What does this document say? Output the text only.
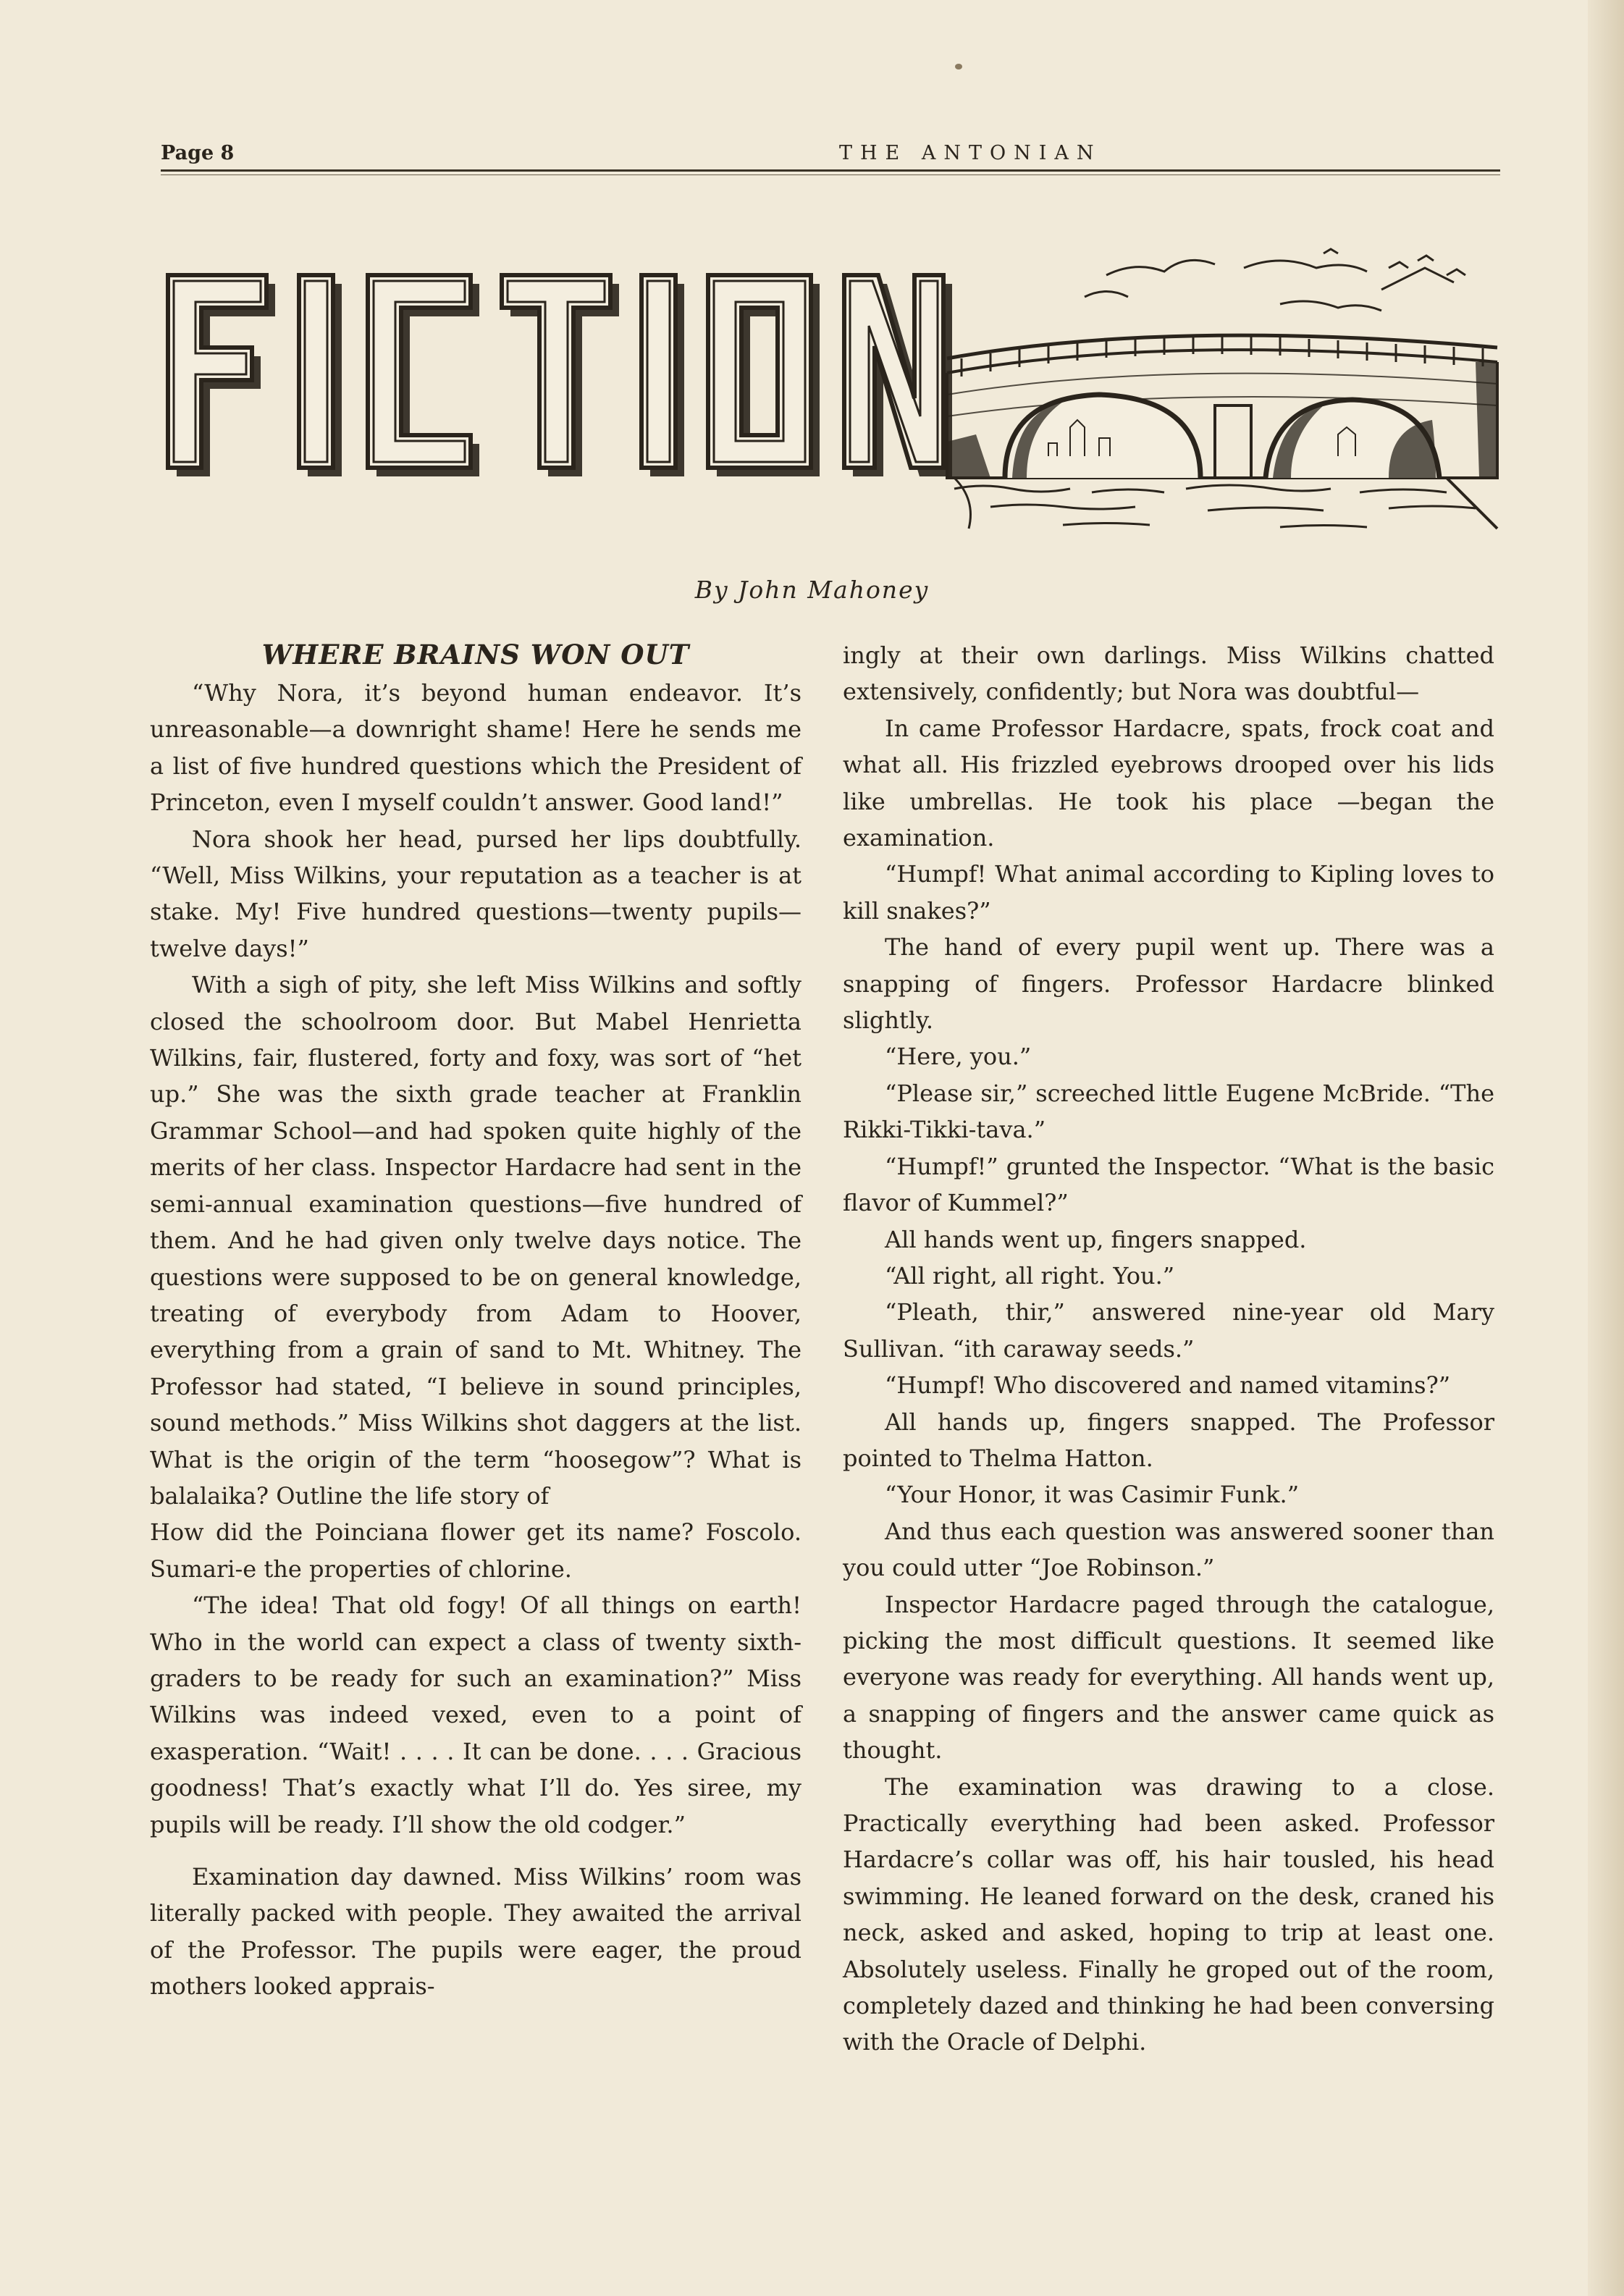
Page 8	THE ANTONIAN
By John Mahoney
WHERE BRAINS WON OUT

“Why Nora, it’s beyond human endeavor. It’s unreasonable—a downright shame! Here he sends me a list of five hundred questions which the President of Princeton, even I myself couldn’t answer. Good land!”

Nora shook her head, pursed her lips doubtfully. “Well, Miss Wilkins, your reputation as a teacher is at stake. My! Five hundred questions—twenty pupils—twelve days!”

With a sigh of pity, she left Miss Wilkins and softly closed the schoolroom door. But Mabel Henrietta Wilkins, fair, flustered, forty and foxy, was sort of “het up.” She was the sixth grade teacher at Franklin Grammar School—and had spoken quite highly of the merits of her class. Inspector Hardacre had sent in the semi-annual examination questions—five hundred of them. And he had given only twelve days notice. The questions were supposed to be on general knowledge, treating of everybody from Adam to Hoover, everything from a grain of sand to Mt. Whitney. The Professor had stated, “I believe in sound principles, sound methods.” Miss Wilkins shot daggers at the list. What is the origin of the term “hoosegow”? What is balalaika? Outline the life story of

How did the Poinciana flower get its name? Foscolo. Sumari-e the properties of chlorine.

“The idea! That old fogy! Of all things on earth! Who in the world can expect a class of twenty sixth-graders to be ready for such an examination?” Miss Wilkins was indeed vexed, even to a point of exasperation. “Wait! . . . . It can be done. . . . Gracious goodness! That’s exactly what I’ll do. Yes siree, my pupils will be ready. I’ll show the old codger.”

Examination day dawned. Miss Wilkins’ room was literally packed with people. They awaited the arrival of the Professor. The pupils were eager, the proud mothers looked apprais-

ingly at their own darlings. Miss Wilkins chatted extensively, confidently; but Nora was doubtful—

In came Professor Hardacre, spats, frock coat and what all. His frizzled eyebrows drooped over his lids like umbrellas. He took his place —began the examination.

“Humpf! What animal according to Kipling loves to kill snakes?”

The hand of every pupil went up. There was a snapping of fingers. Professor Hardacre blinked slightly.

“Here, you.”

“Please sir,” screeched little Eugene McBride. “The Rikki-Tikki-tava.”

“Humpf!” grunted the Inspector. “What is the basic flavor of Kummel?”

All hands went up, fingers snapped.

“All right, all right. You.”

“Pleath, thir,” answered nine-year old Mary Sullivan. “ith caraway seeds.”

“Humpf! Who discovered and named vitamins?”

All hands up, fingers snapped. The Professor pointed to Thelma Hatton.

“Your Honor, it was Casimir Funk.”

And thus each question was answered sooner than you could utter “Joe Robinson.”

Inspector Hardacre paged through the catalogue, picking the most difficult questions. It seemed like everyone was ready for everything. All hands went up, a snapping of fingers and the answer came quick as thought.

The examination was drawing to a close. Practically everything had been asked. Professor Hardacre’s collar was off, his hair tousled, his head swimming. He leaned forward on the desk, craned his neck, asked and asked, hoping to trip at least one. Absolutely useless. Finally he groped out of the room, completely dazed and thinking he had been conversing with the Oracle of Delphi.
